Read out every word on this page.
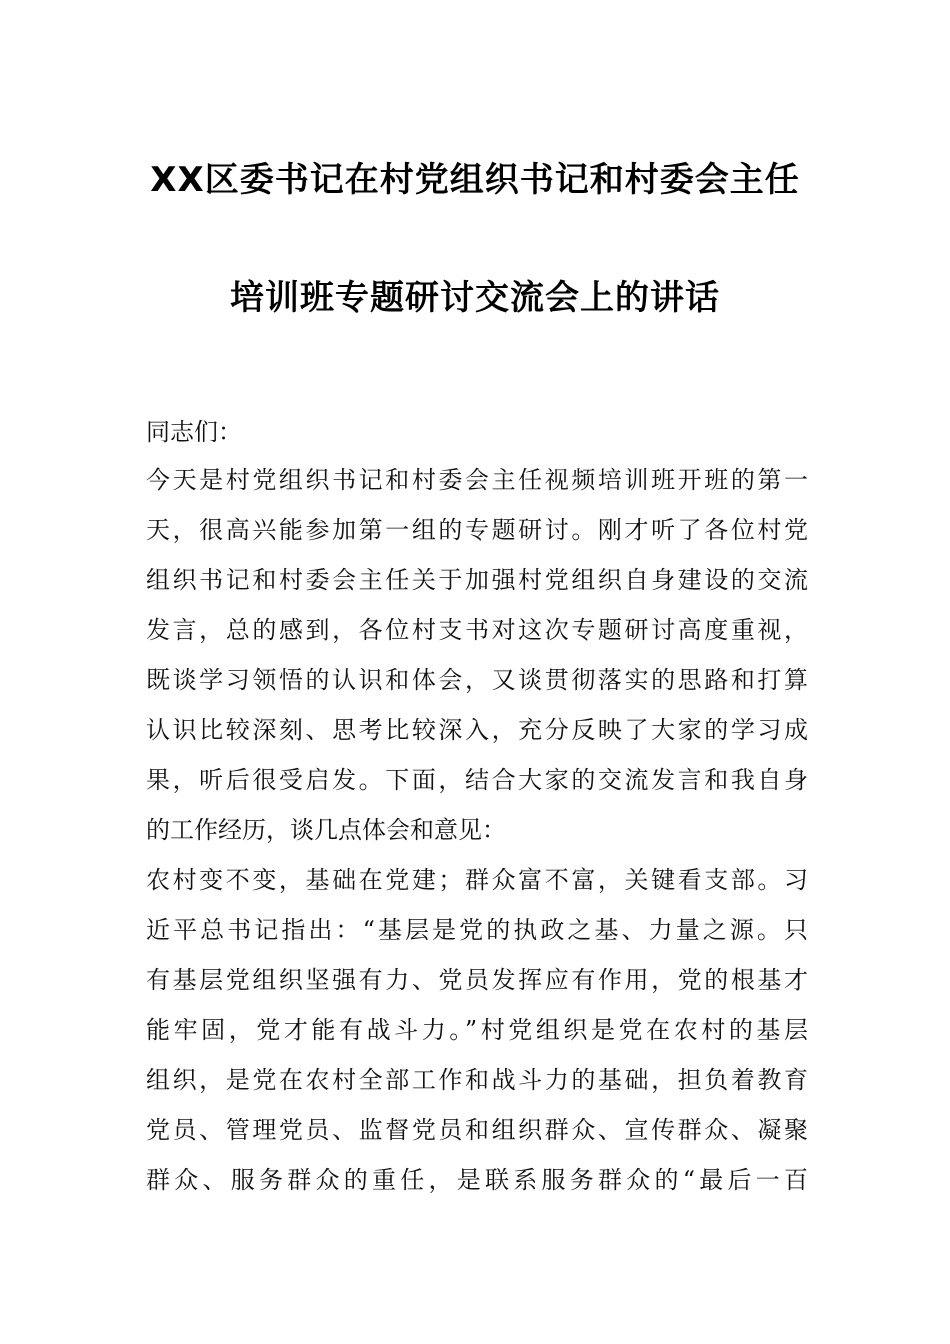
XX区委书记在村党组织书记和村委会主任
培训班专题研讨交流会上的讲话
同志们：
今天是村党组织书记和村委会主任视频培训班开班的第一
天，很高兴能参加第一组的专题研讨。刚才听了各位村党
组织书记和村委会主任关于加强村党组织自身建设的交流
发言，总的感到，各位村支书对这次专题研讨高度重视，
既谈学习领悟的认识和体会，又谈贯彻落实的思路和打算
认识比较深刻、思考比较深入，充分反映了大家的学习成
果，听后很受启发。下面，结合大家的交流发言和我自身
的工作经历，谈几点体会和意见：
农村变不变，基础在党建；群众富不富，关键看支部。习
近平总书记指出：“基层是党的执政之基、力量之源。只
有基层党组织坚强有力、党员发挥应有作用，党的根基才
能牢固，党才能有战斗力。”村党组织是党在农村的基层
组织，是党在农村全部工作和战斗力的基础，担负着教育
党员、管理党员、监督党员和组织群众、宣传群众、凝聚
群众、服务群众的重任，是联系服务群众的“最后一百
